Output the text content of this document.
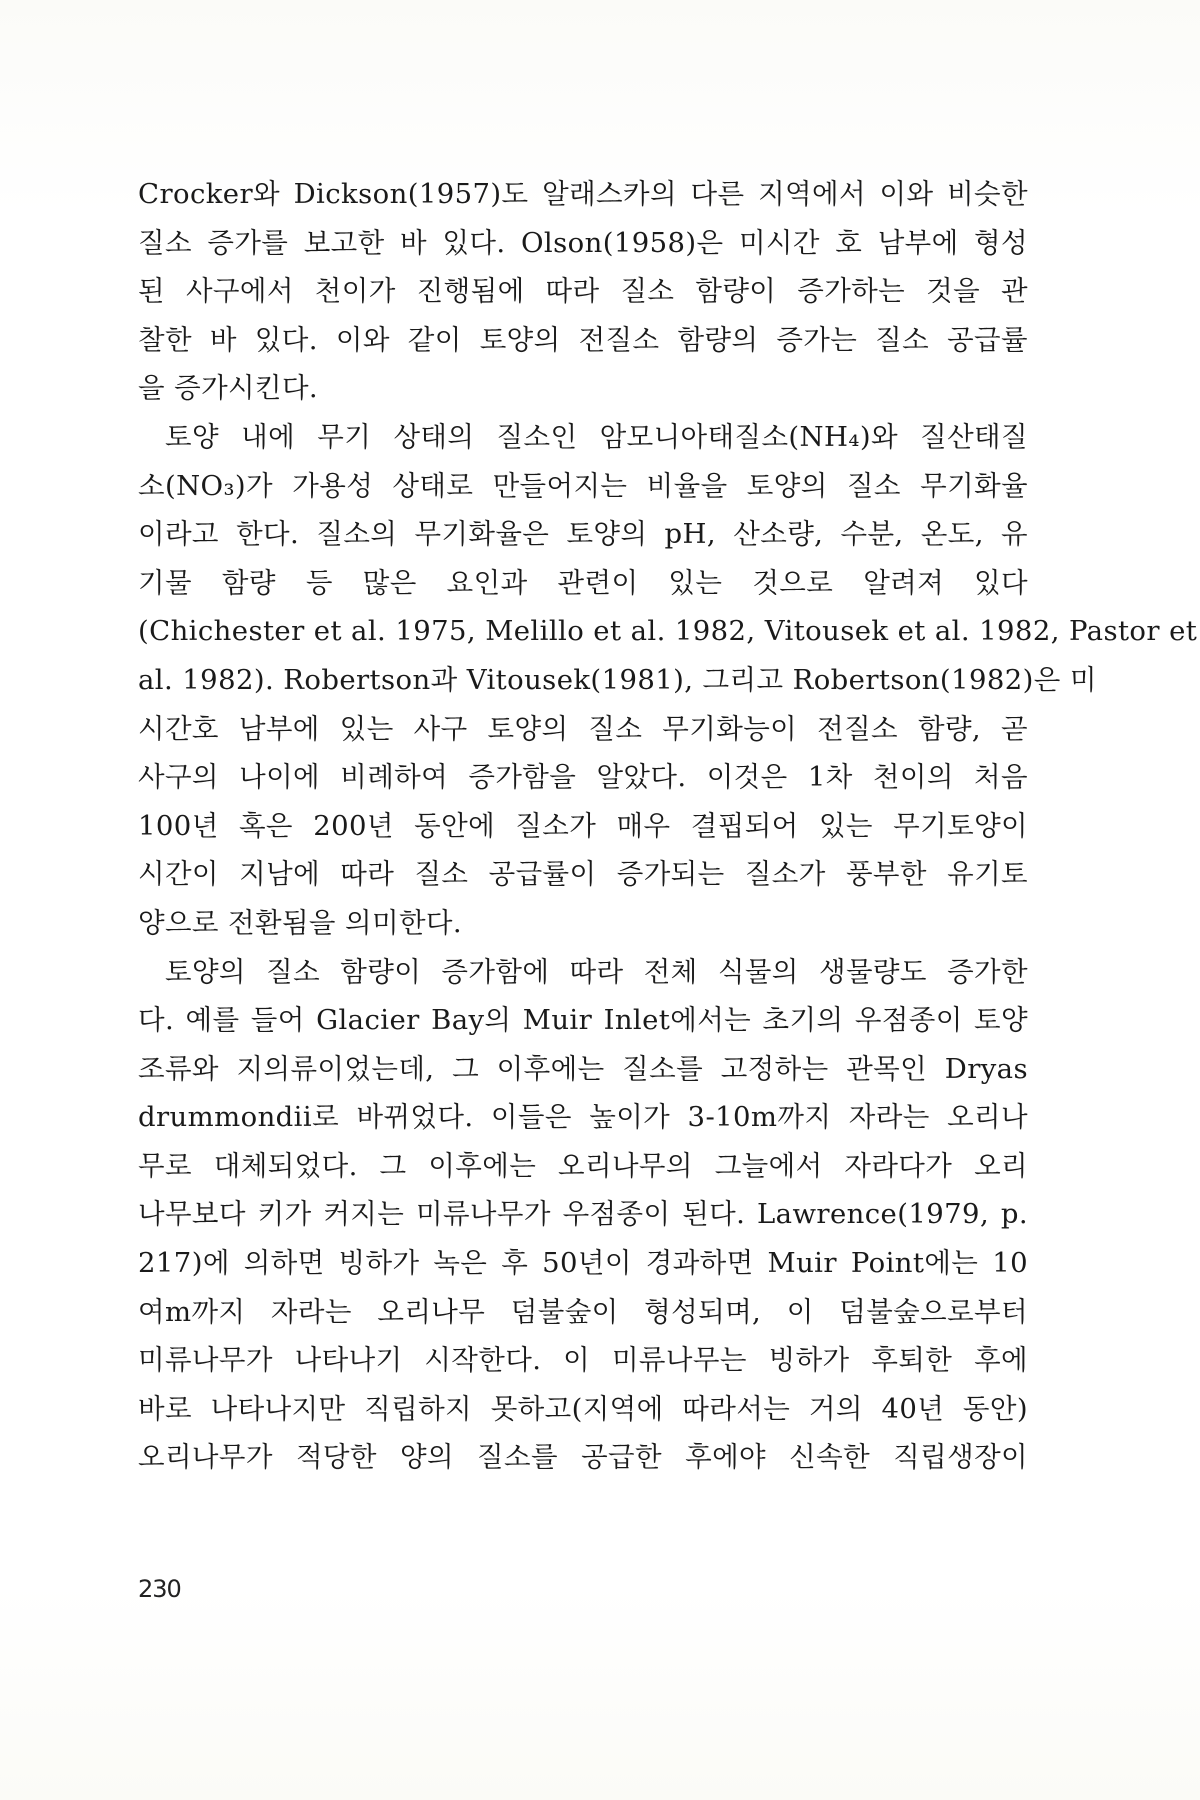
Crocker와 Dickson(1957)도 알래스카의 다른 지역에서 이와 비슷한
질소 증가를 보고한 바 있다. Olson(1958)은 미시간 호 남부에 형성
된 사구에서 천이가 진행됨에 따라 질소 함량이 증가하는 것을 관
찰한 바 있다. 이와 같이 토양의 전질소 함량의 증가는 질소 공급률
을 증가시킨다.
토양 내에 무기 상태의 질소인 암모니아태질소(NH₄)와 질산태질
소(NO₃)가 가용성 상태로 만들어지는 비율을 토양의 질소 무기화율
이라고 한다. 질소의 무기화율은 토양의 pH, 산소량, 수분, 온도, 유
기물 함량 등 많은 요인과 관련이 있는 것으로 알려져 있다
(Chichester et al. 1975, Melillo et al. 1982, Vitousek et al. 1982, Pastor et
al. 1982). Robertson과 Vitousek(1981), 그리고 Robertson(1982)은 미
시간호 남부에 있는 사구 토양의 질소 무기화능이 전질소 함량, 곧
사구의 나이에 비례하여 증가함을 알았다. 이것은 1차 천이의 처음
100년 혹은 200년 동안에 질소가 매우 결핍되어 있는 무기토양이
시간이 지남에 따라 질소 공급률이 증가되는 질소가 풍부한 유기토
양으로 전환됨을 의미한다.
토양의 질소 함량이 증가함에 따라 전체 식물의 생물량도 증가한
다. 예를 들어 Glacier Bay의 Muir Inlet에서는 초기의 우점종이 토양
조류와 지의류이었는데, 그 이후에는 질소를 고정하는 관목인 Dryas
drummondii로 바뀌었다. 이들은 높이가 3-10m까지 자라는 오리나
무로 대체되었다. 그 이후에는 오리나무의 그늘에서 자라다가 오리
나무보다 키가 커지는 미류나무가 우점종이 된다. Lawrence(1979, p.
217)에 의하면 빙하가 녹은 후 50년이 경과하면 Muir Point에는 10
여m까지 자라는 오리나무 덤불숲이 형성되며, 이 덤불숲으로부터
미류나무가 나타나기 시작한다. 이 미류나무는 빙하가 후퇴한 후에
바로 나타나지만 직립하지 못하고(지역에 따라서는 거의 40년 동안)
오리나무가 적당한 양의 질소를 공급한 후에야 신속한 직립생장이
230
